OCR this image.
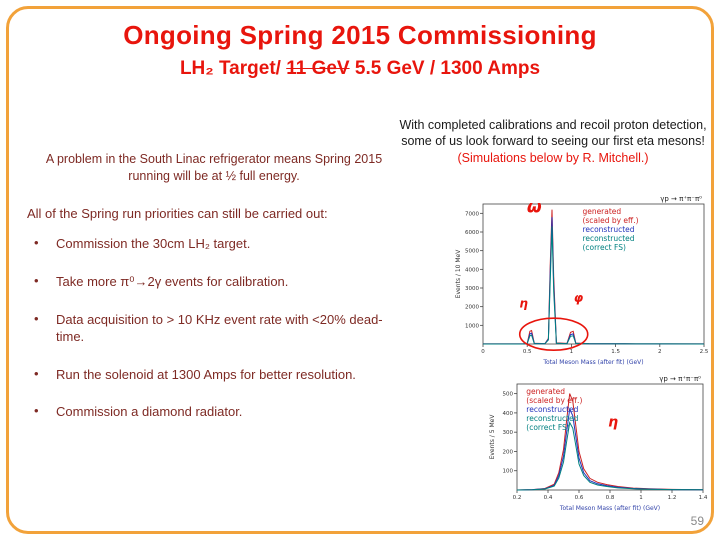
Ongoing Spring 2015 Commissioning
LH₂ Target/ 11 GeV 5.5 GeV / 1300 Amps

A problem in the South Linac refrigerator means Spring 2015 running will be at ½ full energy.

With completed calibrations and recoil proton detection, some of us look forward to seeing our first eta mesons! (Simulations below by R. Mitchell.)

All of the Spring run priorities can still be carried out:
• Commission the 30cm LH₂ target.
• Take more π⁰→2γ events for calibration.
• Data acquisition to > 10 KHz event rate with <20% dead-time.
• Run the solenoid at 1300 Amps for better resolution.
• Commission a diamond radiator.
1000
2000
3000
4000
5000
6000
7000
0	0.5	1	1.5	2	2.5
γp → π⁺π⁻π⁰
generated
(scaled by eff.)
reconstructed
reconstructed
(correct FS)
Total Meson Mass (after fit) (GeV)
Events / 10 MeV
ω
η	φ
100
200
300
400
500
0.2	0.4	0.6	0.8	1	1.2	1.4
γp → π⁺π⁻π⁰
generated
(scaled by eff.)
reconstructed
reconstructed
(correct FS)
Total Meson Mass (after fit) (GeV)
Events / 5 MeV	η
59
